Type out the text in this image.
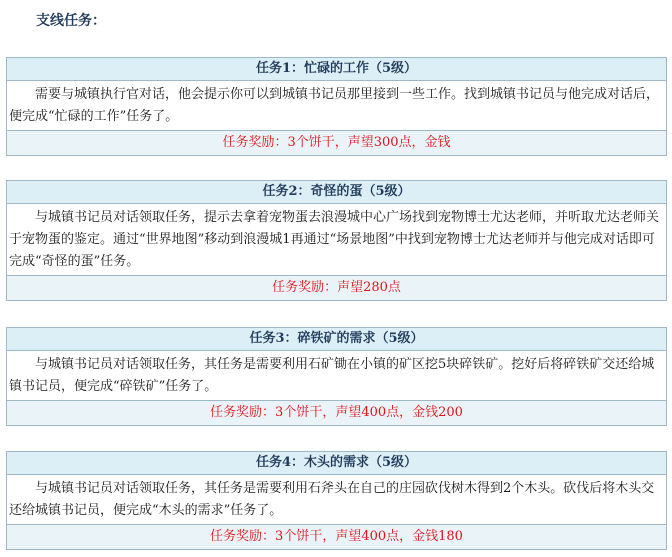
支线任务：
任务1：忙碌的工作（5级）
需要与城镇执行官对话，他会提示你可以到城镇书记员那里接到一些工作。找到城镇书记员与他完成对话后，便完成“忙碌的工作”任务了。
任务奖励：3个饼干，声望300点，金钱
任务2：奇怪的蛋（5级）
与城镇书记员对话领取任务，提示去拿着宠物蛋去浪漫城中心广场找到宠物博士尤达老师，并听取尤达老师关于宠物蛋的鉴定。通过“世界地图”移动到浪漫城1再通过“场景地图”中找到宠物博士尤达老师并与他完成对话即可完成“奇怪的蛋”任务。
任务奖励：声望280点
任务3：碎铁矿的需求（5级）
与城镇书记员对话领取任务，其任务是需要利用石矿锄在小镇的矿区挖5块碎铁矿。挖好后将碎铁矿交还给城镇书记员，便完成“碎铁矿”任务了。
任务奖励：3个饼干，声望400点，金钱200
任务4：木头的需求（5级）
与城镇书记员对话领取任务，其任务是需要利用石斧头在自己的庄园砍伐树木得到2个木头。砍伐后将木头交还给城镇书记员，便完成“木头的需求”任务了。
任务奖励：3个饼干，声望400点，金钱180
